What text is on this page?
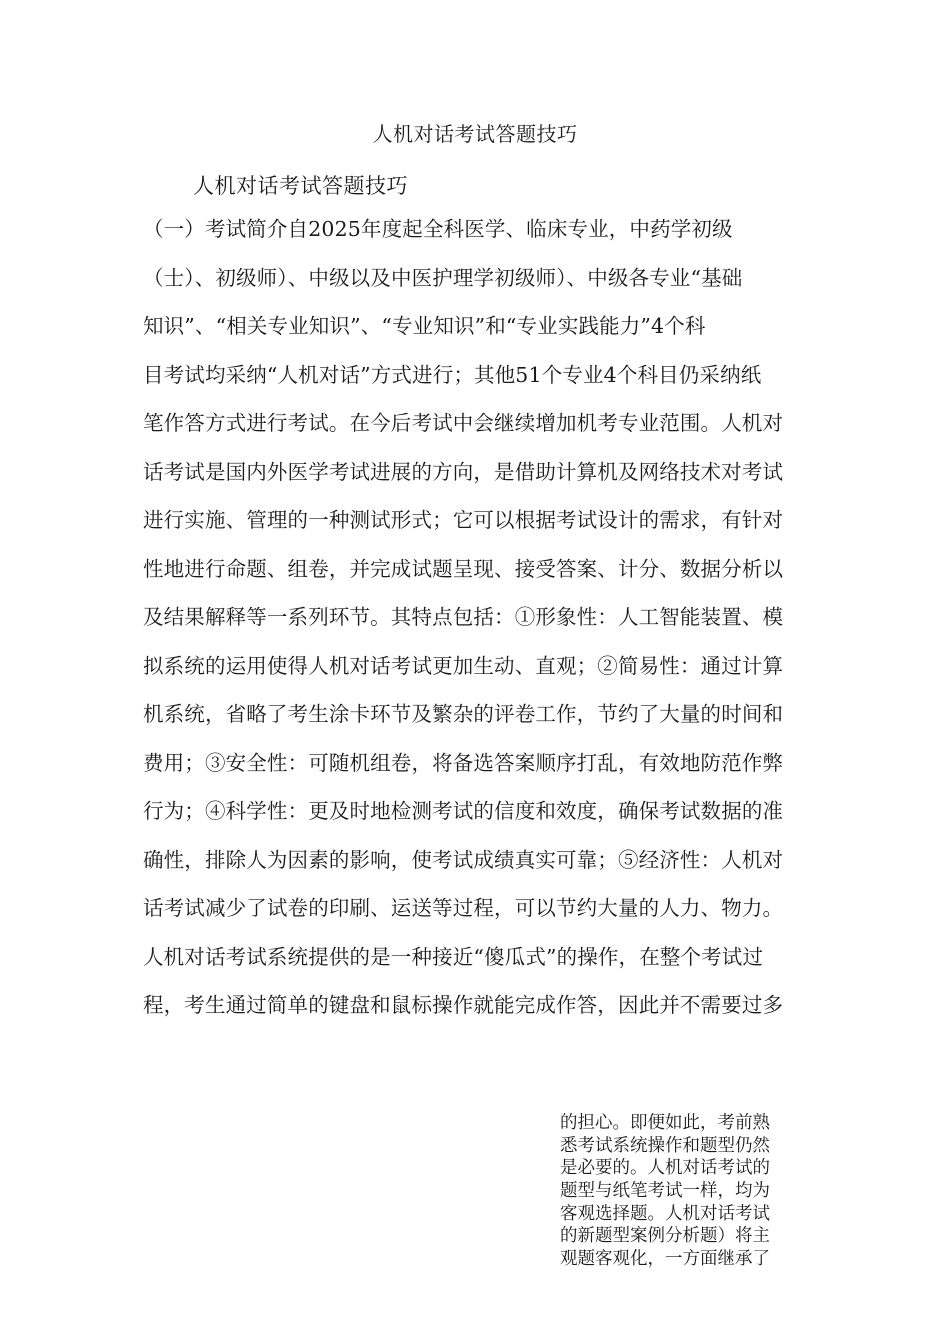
人机对话考试答题技巧
人机对话考试答题技巧
（一）考试简介自2025年度起全科医学、临床专业，中药学初级
（士）、初级师）、中级以及中医护理学初级师）、中级各专业“基础
知识”、“相关专业知识”、“专业知识”和“专业实践能力”4个科
目考试均采纳“人机对话”方式进行；其他51个专业4个科目仍采纳纸
笔作答方式进行考试。在今后考试中会继续增加机考专业范围。人机对
话考试是国内外医学考试进展的方向，是借助计算机及网络技术对考试
进行实施、管理的一种测试形式；它可以根据考试设计的需求，有针对
性地进行命题、组卷，并完成试题呈现、接受答案、计分、数据分析以
及结果解释等一系列环节。其特点包括：①形象性：人工智能装置、模
拟系统的运用使得人机对话考试更加生动、直观；②简易性：通过计算
机系统，省略了考生涂卡环节及繁杂的评卷工作，节约了大量的时间和
费用；③安全性：可随机组卷，将备选答案顺序打乱，有效地防范作弊
行为；④科学性：更及时地检测考试的信度和效度，确保考试数据的准
确性，排除人为因素的影响，使考试成绩真实可靠；⑤经济性：人机对
话考试减少了试卷的印刷、运送等过程，可以节约大量的人力、物力。
人机对话考试系统提供的是一种接近“傻瓜式”的操作，在整个考试过
程，考生通过简单的键盘和鼠标操作就能完成作答，因此并不需要过多
的担心。即便如此，考前熟
悉考试系统操作和题型仍然
是必要的。人机对话考试的
题型与纸笔考试一样，均为
客观选择题。人机对话考试
的新题型案例分析题）将主
观题客观化，一方面继承了
